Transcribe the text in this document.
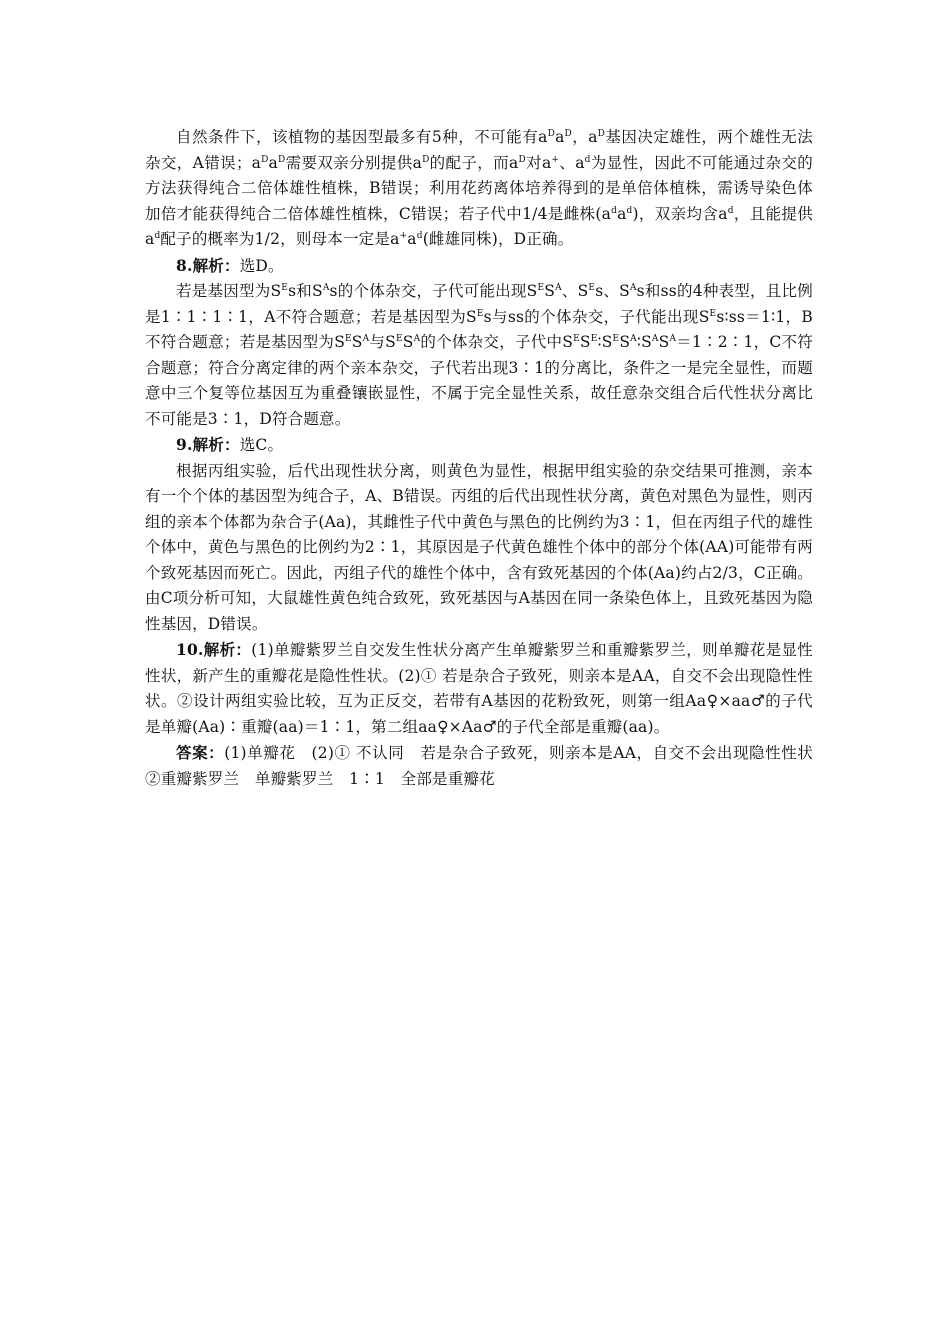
自然条件下，该植物的基因型最多有5种，不可能有$a^Da^D$，$a^D$基因决定雄性，两个雄性无法杂交，A错误；$a^Da^D$需要双亲分别提供$a^D$的配子，而$a^D$对a+、$a^d$为显性，因此不可能通过杂交的方法获得纯合二倍体雄性植株，B错误；利用花药离体培养得到的是单倍体植株，需诱导染色体加倍才能获得纯合二倍体雄性植株，C错误；若子代中1/4是雌株$(a^da^d)$，双亲均含$a^d$，且能提供$a^d$配子的概率为1/2，则母本一定是$a^+a^d$(雌雄同株)，D正确。

8.解析：选D。

若是基因型为$S^Es$和$S^As$的个体杂交，子代可能出现$S^ES^A$、$S^Es$、$S^As$和ss的4种表型，且比例是1∶1∶1∶1，A不符合题意；若是基因型为$S^Es$与ss的个体杂交，子代能出现$S^Es∶ss=1∶1$，B不符合题意；若是基因型为$S^ES^A$与$S^ES^A$的个体杂交，子代中$S^ES^E∶S^ES^A∶S^AS^A=1∶2∶1$，C不符合题意；符合分离定律的两个亲本杂交，子代若出现3∶1的分离比，条件之一是完全显性，而题意中三个复等位基因互为重叠镶嵌显性，不属于完全显性关系，故任意杂交组合后代性状分离比不可能是3∶1，D符合题意。

9.解析：选C。

根据丙组实验，后代出现性状分离，则黄色为显性，根据甲组实验的杂交结果可推测，亲本有一个个体的基因型为纯合子，A、B错误。丙组的后代出现性状分离，黄色对黑色为显性，则丙组的亲本个体都为杂合子(Aa)，其雌性子代中黄色与黑色的比例约为3∶1，但在丙组子代的雄性个体中，黄色与黑色的比例约为2∶1，其原因是子代黄色雄性个体中的部分个体(AA)可能带有两个致死基因而死亡。因此，丙组子代的雄性个体中，含有致死基因的个体(Aa)约占2/3，C正确。由C项分析可知，大鼠雄性黄色纯合致死，致死基因与A基因在同一条染色体上，且致死基因为隐性基因，D错误。

10.解析：(1)单瓣紫罗兰自交发生性状分离产生单瓣紫罗兰和重瓣紫罗兰，则单瓣花是显性性状，新产生的重瓣花是隐性性状。(2)① 若是杂合子致死，则亲本是AA，自交不会出现隐性性状。②设计两组实验比较，互为正反交，若带有A基因的花粉致死，则第一组Aa♀×aa♂的子代是单瓣(Aa)∶重瓣(aa)＝1∶1，第二组aa♀×Aa♂的子代全部是重瓣(aa)。

答案：(1)单瓣花　(2)① 不认同　若是杂合子致死，则亲本是AA，自交不会出现隐性性状　②重瓣紫罗兰　单瓣紫罗兰　1∶1　全部是重瓣花
